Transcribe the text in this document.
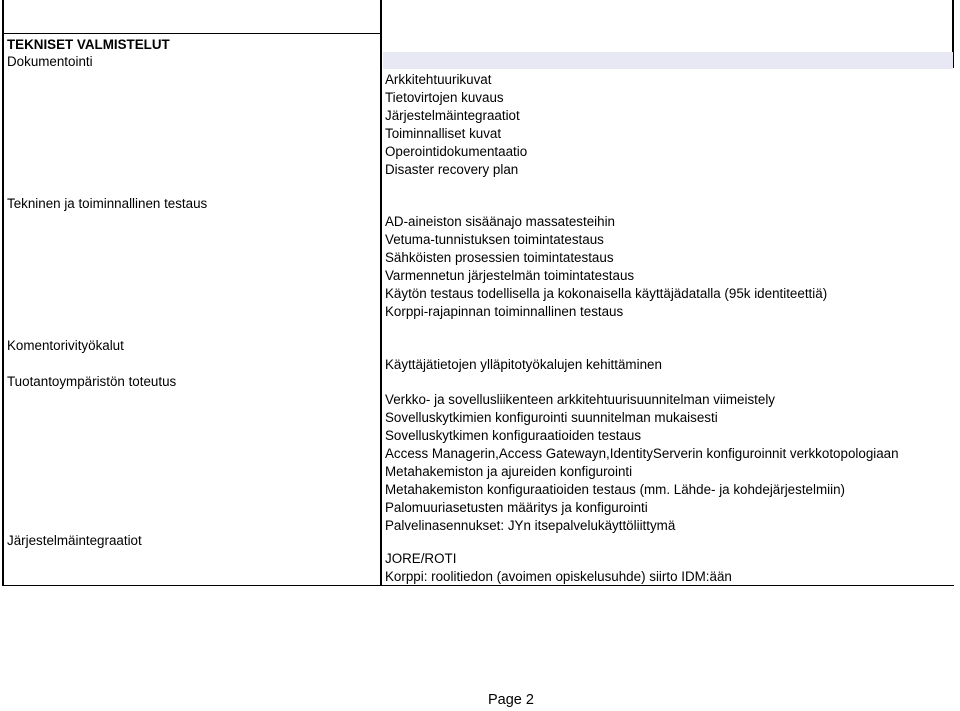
TEKNISET VALMISTELUT
Dokumentointi
Tekninen ja toiminnallinen testaus
Komentorivityökalut
Tuotantoympäristön toteutus
Järjestelmäintegraatiot
Arkkitehtuurikuvat
Tietovirtojen kuvaus
Järjestelmäintegraatiot
Toiminnalliset kuvat
Operointidokumentaatio
Disaster recovery plan
AD-aineiston sisäänajo massatesteihin
Vetuma-tunnistuksen toimintatestaus
Sähköisten prosessien toimintatestaus
Varmennetun järjestelmän toimintatestaus
Käytön testaus todellisella ja kokonaisella käyttäjädatalla (95k identiteettiä)
Korppi-rajapinnan toiminnallinen testaus
Käyttäjätietojen ylläpitotyökalujen kehittäminen
Verkko- ja sovellusliikenteen arkkitehtuurisuunnitelman viimeistely
Sovelluskytkimien konfigurointi suunnitelman mukaisesti
Sovelluskytkimen konfiguraatioiden testaus
Access Managerin,Access Gatewayn,IdentityServerin konfiguroinnit verkkotopologiaan
Metahakemiston ja ajureiden konfigurointi
Metahakemiston konfiguraatioiden testaus (mm. Lähde- ja kohdejärjestelmiin)
Palomuuriasetusten määritys ja konfigurointi
Palvelinasennukset: JYn itsepalvelukäyttöliittymä
JORE/ROTI
Korppi: roolitiedon (avoimen opiskelusuhde) siirto IDM:ään
Page 2
